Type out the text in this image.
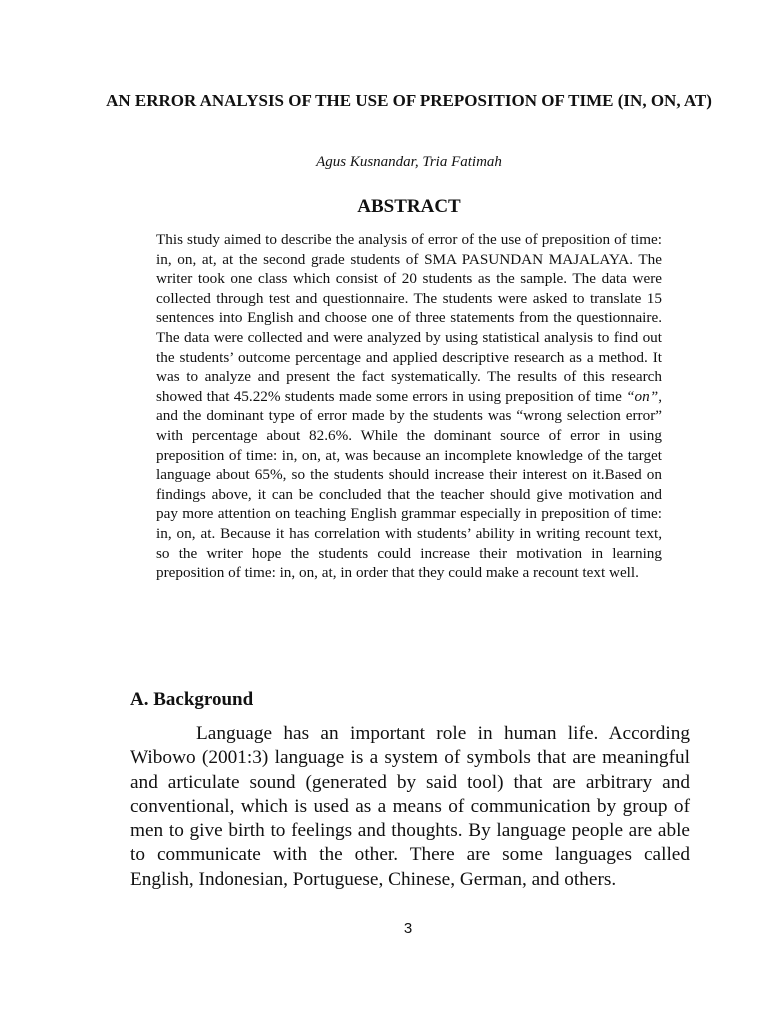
AN ERROR ANALYSIS OF THE USE OF PREPOSITION OF TIME (IN, ON, AT)

Agus Kusnandar, Tria Fatimah

ABSTRACT

This study aimed to describe the analysis of error of the use of preposition of time: in, on, at, at the second grade students of SMA PASUNDAN MAJALAYA. The writer took one class which consist of 20 students as the sample. The data were collected through test and questionnaire. The students were asked to translate 15 sentences into English and choose one of three statements from the questionnaire. The data were collected and were analyzed by using statistical analysis to find out the students’ outcome percentage and applied descriptive research as a method. It was to analyze and present the fact systematically. The results of this research showed that 45.22% students made some errors in using preposition of time “on”, and the dominant type of error made by the students was “wrong selection error” with percentage about 82.6%. While the dominant source of error in using preposition of time: in, on, at, was because an incomplete knowledge of the target language about 65%, so the students should increase their interest on it.Based on findings above, it can be concluded that the teacher should give motivation and pay more attention on teaching English grammar especially in preposition of time: in, on, at. Because it has correlation with students’ ability in writing recount text, so the writer hope the students could increase their motivation in learning preposition of time: in, on, at, in order that they could make a recount text well.

A. Background

Language has an important role in human life. According Wibowo (2001:3) language is a system of symbols that are meaningful and articulate sound (generated by said tool) that are arbitrary and conventional, which is used as a means of communication by group of men to give birth to feelings and thoughts. By language people are able to communicate with the other. There are some languages called English, Indonesian, Portuguese, Chinese, German, and others.

3
